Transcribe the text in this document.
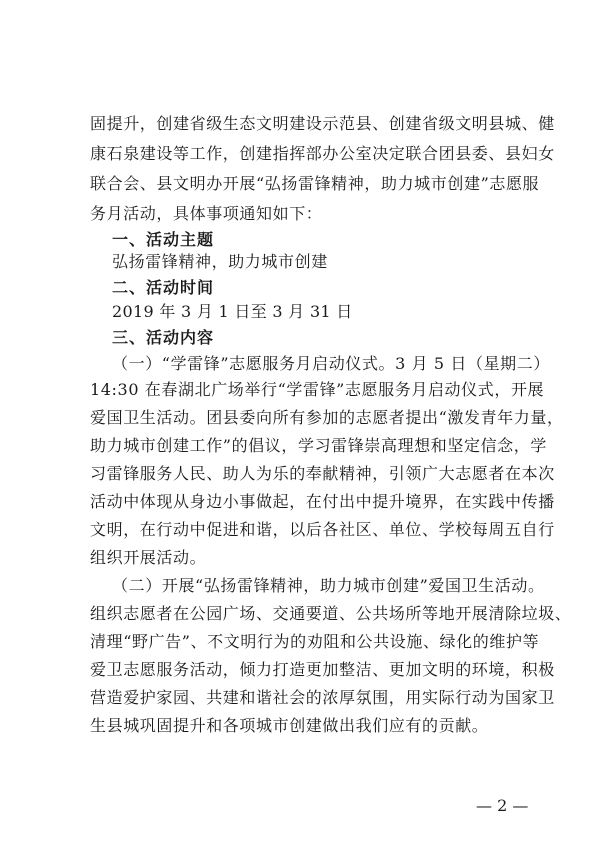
固提升，创建省级生态文明建设示范县、创建省级文明县城、健
康石泉建设等工作，创建指挥部办公室决定联合团县委、县妇女
联合会、县文明办开展“弘扬雷锋精神，助力城市创建”志愿服
务月活动，具体事项通知如下：
一、活动主题
弘扬雷锋精神，助力城市创建
二、活动时间
2019 年 3 月 1 日至 3 月 31 日
三、活动内容
（一）“学雷锋”志愿服务月启动仪式。3 月 5 日（星期二）
14:30 在春湖北广场举行“学雷锋”志愿服务月启动仪式，开展
爱国卫生活动。团县委向所有参加的志愿者提出“激发青年力量，
助力城市创建工作”的倡议，学习雷锋崇高理想和坚定信念，学
习雷锋服务人民、助人为乐的奉献精神，引领广大志愿者在本次
活动中体现从身边小事做起，在付出中提升境界，在实践中传播
文明，在行动中促进和谐，以后各社区、单位、学校每周五自行
组织开展活动。
（二）开展“弘扬雷锋精神，助力城市创建”爱国卫生活动。
组织志愿者在公园广场、交通要道、公共场所等地开展清除垃圾、
清理“野广告”、不文明行为的劝阻和公共设施、绿化的维护等
爱卫志愿服务活动，倾力打造更加整洁、更加文明的环境，积极
营造爱护家园、共建和谐社会的浓厚氛围，用实际行动为国家卫
生县城巩固提升和各项城市创建做出我们应有的贡献。
— 2 —
